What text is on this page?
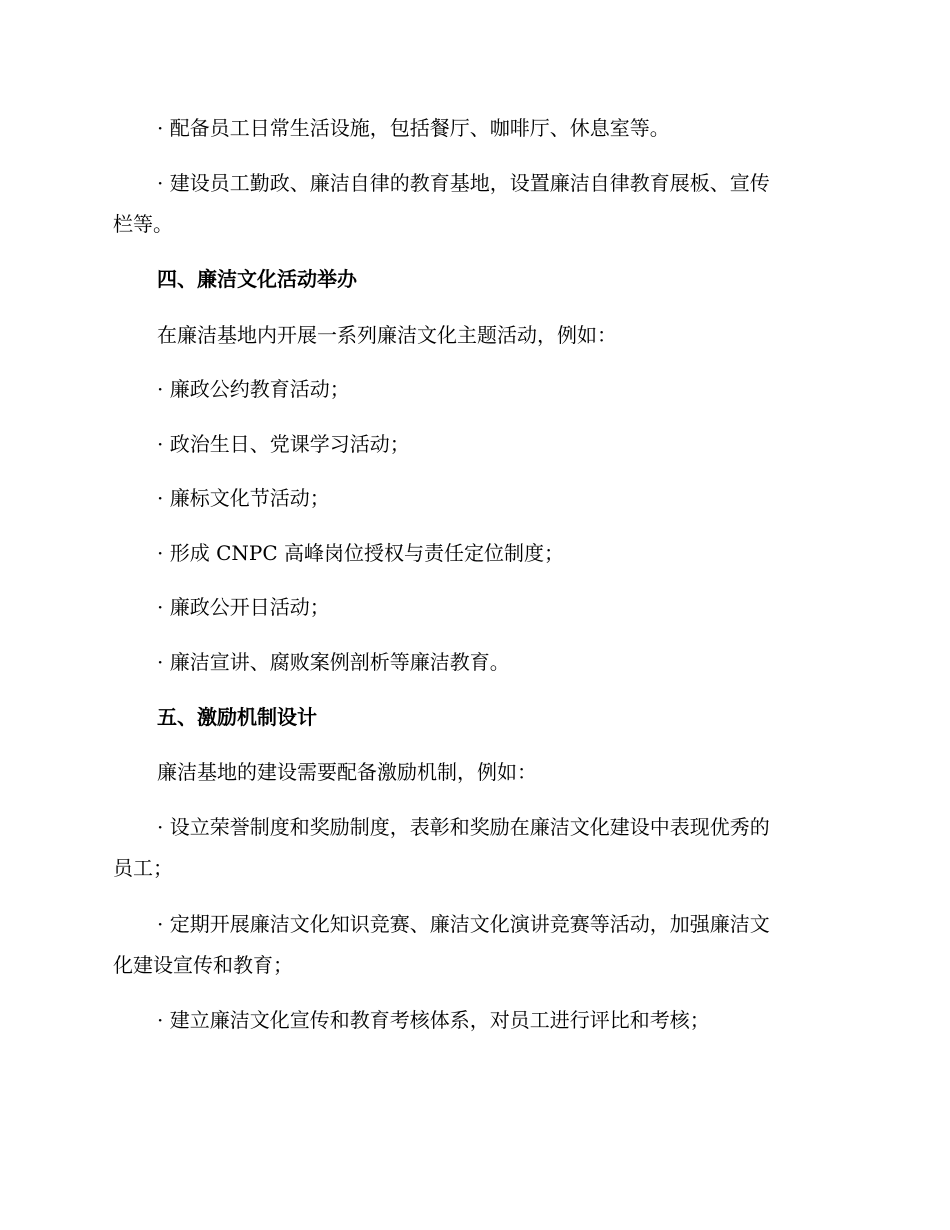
· 配备员工日常生活设施，包括餐厅、咖啡厅、休息室等。
· 建设员工勤政、廉洁自律的教育基地，设置廉洁自律教育展板、宣传
栏等。
四、廉洁文化活动举办
在廉洁基地内开展一系列廉洁文化主题活动，例如：
· 廉政公约教育活动；
· 政治生日、党课学习活动；
· 廉标文化节活动；
· 形成 CNPC 高峰岗位授权与责任定位制度；
· 廉政公开日活动；
· 廉洁宣讲、腐败案例剖析等廉洁教育。
五、激励机制设计
廉洁基地的建设需要配备激励机制，例如：
· 设立荣誉制度和奖励制度，表彰和奖励在廉洁文化建设中表现优秀的
员工；
· 定期开展廉洁文化知识竞赛、廉洁文化演讲竞赛等活动，加强廉洁文
化建设宣传和教育；
· 建立廉洁文化宣传和教育考核体系，对员工进行评比和考核；
